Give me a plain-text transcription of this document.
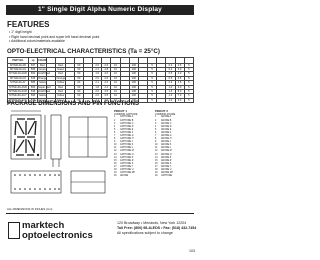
1" Single Digit Alpha Numeric Display
FEATURES
• 1" digit height
• Right hand decimal point and super left hand decimal point
• Additional colors/materials available
OPTO-ELECTRICAL CHARACTERISTICS (Ta = 25°C)
PART NO.	λp	COLOR																
MTN4129-AR	697	Red		Red		60		2.0	2.6	10		100		5		0.3	2.5	5
MTN4129-AG	565	Green		Green		60		2.1	2.8	10		100		5		0.4	3.0	5
MTN4129-AHR	660	Hi-Eff Red		Red		60		1.9	2.6	10		100		5		0.5	4.0	5
MTN4129-AO	635	Orange		Orange		60		2.0	2.6	10		100		5		0.5	3.5	5
MTN4129-AY	585	Yellow		Yellow		60		2.1	2.6	10		100		5		0.3	2.5	5
MTN4129-ASR	660	Super Red		Red		60		1.8	2.4	10		100		5		1.0	6.0	5
MTN4129-AUR	635	Hi-Eff Red		Red		60		2.0	2.5	10		100		5		1.5	8.0	5
MTN4129-AUY	590	Yellow		Yellow		60		2.0	2.5	10		100		5		1.2	7.0	5
MTN4129-AUG	570	Green		Green		60		2.1	2.6	10		100		5		1.0	6.0	5
PACKAGE DIMENSIONS AND PIN FUNCTIONS
PINOUT 1
COMMON CATHODE
1	CATHODE A
2	CATHODE B
3	CATHODE C
4	CATHODE D
5	CATHODE E
6	CATHODE F
7	CATHODE G
8	CATHODE H
9	CATHODE J
10	CATHODE K
11	CATHODE L
12	CATHODE M
13	CATHODE N
14	CATHODE P
15	CATHODE R
16	CATHODE S
17	CATHODE T
18	CATHODE U
19	CATHODE DP
20	ANODE
PINOUT 2
COMMON ANODE
1	ANODE A
2	ANODE B
3	ANODE C
4	ANODE D
5	ANODE E
6	ANODE F
7	ANODE G
8	ANODE H
9	ANODE J
10	ANODE K
11	ANODE L
12	ANODE M
13	ANODE N
14	ANODE P
15	ANODE R
16	ANODE S
17	ANODE T
18	ANODE U
19	ANODE DP
20	CATHODE
ALL DIMENSIONS IN INCHES [mm]
marktech
optoelectronics
120 Broadway • Menands, New York 12204
Toll Free: (800) 98-4LEDS • Fax: (518) 432-7454
All specifications subject to change
103
